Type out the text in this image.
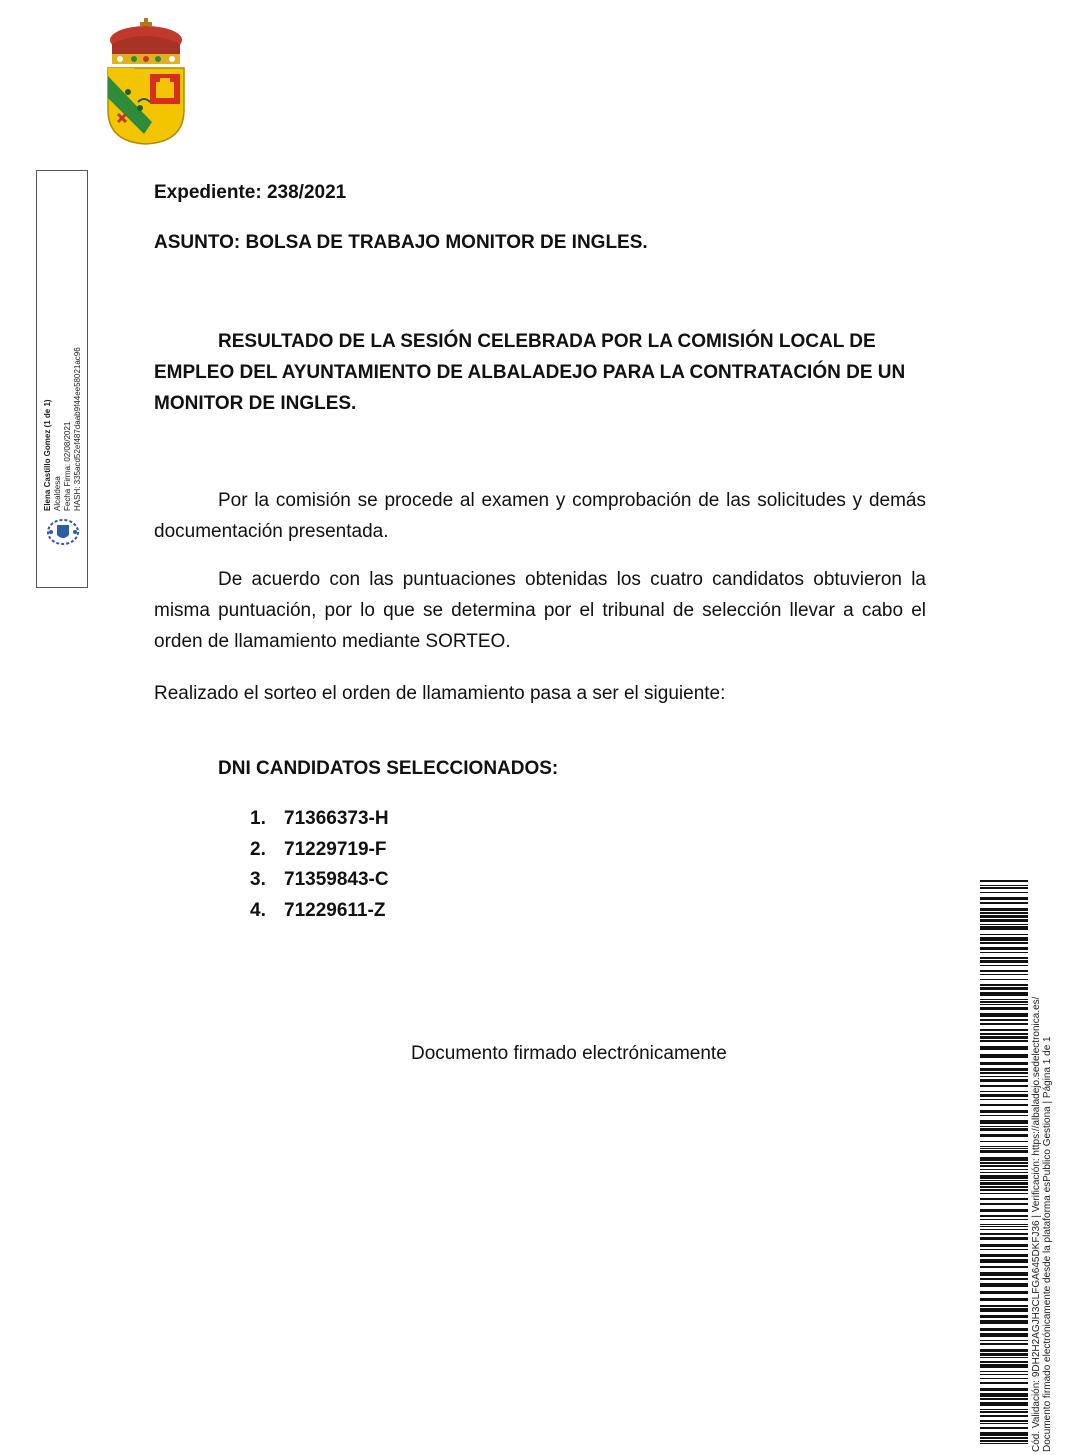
Elena Castillo Gomez (1 de 1) Alcaldesa Fecha Firma: 02/08/2021 HASH: 335acd52ef487daab9f44ee58021ac96
Expediente: 238/2021
ASUNTO: BOLSA DE TRABAJO MONITOR DE INGLES.
RESULTADO DE LA SESIÓN CELEBRADA POR LA COMISIÓN LOCAL DE EMPLEO DEL AYUNTAMIENTO DE ALBALADEJO PARA LA CONTRATACIÓN DE UN MONITOR DE INGLES.
Por la comisión se procede al examen y comprobación de las solicitudes y demás documentación presentada.
De acuerdo con las puntuaciones obtenidas los cuatro candidatos obtuvieron la misma puntuación, por lo que se determina por el tribunal de selección llevar a cabo el orden de llamamiento mediante SORTEO.
Realizado el sorteo el orden de llamamiento pasa a ser el siguiente:
DNI CANDIDATOS SELECCIONADOS:
1. 71366373-H
2. 71229719-F
3. 71359843-C
4. 71229611-Z
Documento firmado electrónicamente	Cód. Validación: 9DH2H2AGJH3CLFGA645DKFJ36 | Verificación: https://albaladejo.sedelectronica.es/ Documento firmado electrónicamente desde la plataforma esPublico Gestiona | Página 1 de 1
